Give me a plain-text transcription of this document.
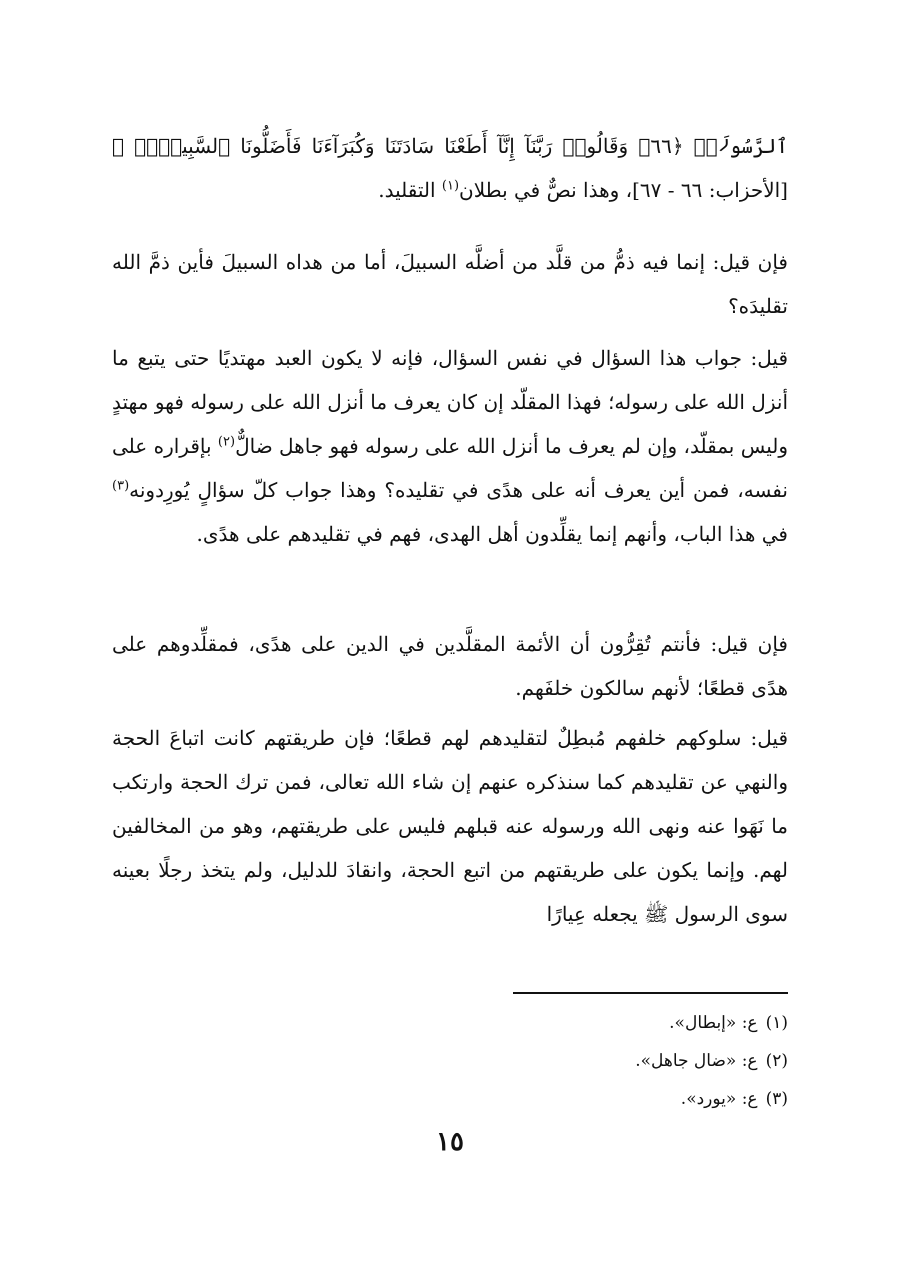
ٱلرَّسُولَا۠ ﴿٦٦﴾ وَقَالُوا۟ رَبَّنَآ إِنَّآ أَطَعْنَا سَادَتَنَا وَكُبَرَآءَنَا فَأَضَلُّونَا ٱلسَّبِيلَا۠ ﴾ [الأحزاب: ٦٦ - ٦٧]، وهذا نصٌّ في بطلان$^{(١)}$ التقليد.

فإن قيل: إنما فيه ذمُّ من قلَّد من أضلَّه السبيلَ، أما من هداه السبيلَ فأين ذمَّ الله تقليدَه؟

قيل: جواب هذا السؤال في نفس السؤال، فإنه لا يكون العبد مهتديًا حتى يتبع ما أنزل الله على رسوله؛ فهذا المقلّد إن كان يعرف ما أنزل الله على رسوله فهو مهتدٍ وليس بمقلّد، وإن لم يعرف ما أنزل الله على رسوله فهو جاهل ضالٌّ$^{(٢)}$ بإقراره على نفسه، فمن أين يعرف أنه على هدًى في تقليده؟ وهذا جواب كلّ سؤالٍ يُورِدونه$^{(٣)}$ في هذا الباب، وأنهم إنما يقلِّدون أهل الهدى، فهم في تقليدهم على هدًى.

فإن قيل: فأنتم تُقِرُّون أن الأئمة المقلَّدين في الدين على هدًى، فمقلِّدوهم على هدًى قطعًا؛ لأنهم سالكون خلفَهم.

قيل: سلوكهم خلفهم مُبطِلٌ لتقليدهم لهم قطعًا؛ فإن طريقتهم كانت اتباعَ الحجة والنهي عن تقليدهم كما سنذكره عنهم إن شاء الله تعالى، فمن ترك الحجة وارتكب ما نَهَوا عنه ونهى الله ورسوله عنه قبلهم فليس على طريقتهم، وهو من المخالفين لهم. وإنما يكون على طريقتهم من اتبع الحجة، وانقادَ للدليل، ولم يتخذ رجلًا بعينه سوى الرسول ﷺ يجعله عِيارًا

(١)ع: «إبطال».

(٢)ع: «ضال جاهل».

(٣)ع: «يورد».

١٥
